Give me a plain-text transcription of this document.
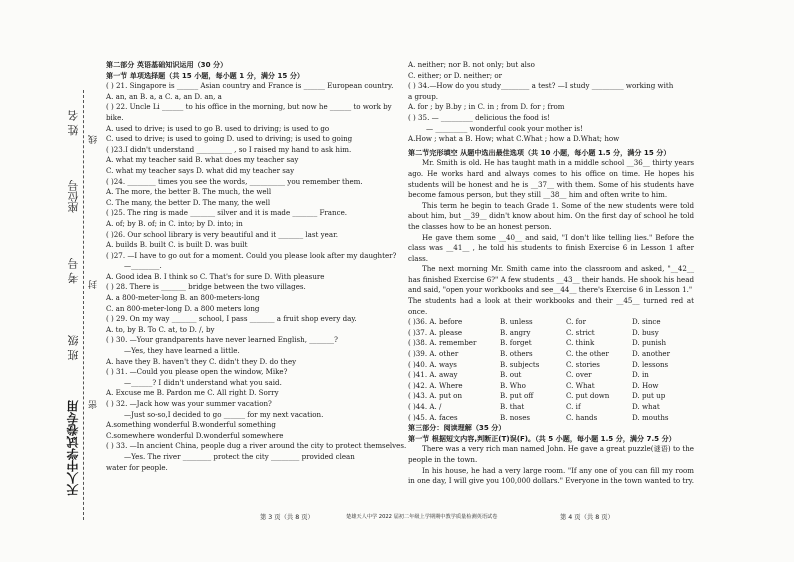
天人中学试卷专用
班 级
考 号
座位号
姓 名
密
封
线

第二部分 英语基础知识运用（30 分）

第一节 单项选择题（共 15 小题，每小题 1 分，满分 15 分）

( ) 21. Singapore is ______ Asian country and France is ______ European country.

A. an, an B. a, a C. a, an D. an, a

( ) 22. Uncle Li ______ to his office in the morning, but now he ______ to work by

bike.

A. used to drive; is used to go B. used to driving; is used to go

C. used to drive; is used to going D. used to driving; is used to going

( )23.I didn't understand __________ , so I raised my hand to ask him.

A. what my teacher said B. what does my teacher say

C. what my teacher says D. what did my teacher say

( )24. ________ times you see the words, __________ you remember them.

A. The more, the better B. The much, the well

C. The many, the better D. The many, the well

( )25. The ring is made _______ silver and it is made _______ France.

A. of; by B. of; in C. into; by D. into; in

( )26. Our school library is very beautiful and it _______ last year.

A. builds B. built C. is built D. was built

( )27. —I have to go out for a moment. Could you please look after my daughter?

—________.

A. Good idea B. I think so C. That's for sure D. With pleasure

( ) 28. There is _______ bridge between the two villages.

A. a 800-meter-long B. an 800-meters-long

C. an 800-meter-long D. a 800 meters long

( ) 29. On my way _______ school, I pass _______ a fruit shop every day.

A. to, by B. To C. at, to D. /, by

( ) 30. —Your grandparents have never learned English, _______?

—Yes, they have learned a little.

A. have they B. haven't they C. didn't they D. do they

( ) 31. —Could you please open the window, Mike?

—______? I didn't understand what you said.

A. Excuse me B. Pardon me C. All right D. Sorry

( ) 32. —Jack how was your summer vacation?

—Just so-so,I decided to go ______ for my next vacation.

A.something wonderful B.wonderful something

C.somewhere wonderful D.wonderful somewhere

( ) 33. —In ancient China, people dug a river around the city to protect themselves.

—Yes. The river ________ protect the city ________ provided clean

water for people.

A. neither; nor B. not only; but also

C. either; or D. neither; or

( ) 34.—How do you study________ a test? —I study _________ working with

a group.

A. for ; by B.by ; in C. in ; from D. for ; from

( ) 35. — _________ delicious the food is!

— _________ wonderful cook your mother is!

A.How ; what a B. How; what C.What ; how a D.What; how

第二节完形填空 从题中选出最佳选项（共 10 小题，每小题 1.5 分，满分 15 分）

Mr. Smith is old. He has taught math in a middle school __36__ thirty years ago. He works hard and always comes to his office on time. He hopes his students will be honest and he is __37__ with them. Some of his students have become famous person, but they still __38__ him and often write to him.

This term he begin to teach Grade 1. Some of the new students were told about him, but __39__ didn't know about him. On the first day of school he told the classes how to be an honest person.

He gave them some __40__ and said, "I don't like telling lies." Before the class was __41__ , he told his students to finish Exercise 6 in Lesson 1 after class.

The next morning Mr. Smith came into the classroom and asked, "__42__ has finished Exercise 6?" A few students __43__ their hands. He shook his head and said, "open your workbooks and see__44__ there's Exercise 6 in Lesson 1."

The students had a look at their workbooks and their __45__ turned red at once.

( )36. A. before	B. unless	C. for	D. since
( )37. A. please	B. angry	C. strict	D. busy
( )38. A. remember	B. forget	C. think	D. punish
( )39. A. other	B. others	C. the other	D. another
( )40. A. ways	B. subjects	C. stories	D. lessons
( )41. A. away	B. out	C. over	D. in
( )42. A. Where	B. Who	C. What	D. How
( )43. A. put on	B. put off	C. put down	D. put up
( )44. A. /	B. that	C. if	D. what
( )45. A. faces	B. noses	C. hands	D. mouths

第三部分：阅读理解（35 分）

第一节 根据短文内容,判断正(T)误(F)。（共 5 小题，每小题 1.5 分，满分 7.5 分）

There was a very rich man named John. He gave a great puzzle(谜语) to the people in the town.

In his house, he had a very large room. "If any one of you can fill my room in one day, I will give you 100,000 dollars." Everyone in the town wanted to try.

第 3 页（共 8 页）	楚雄天人中学 2022 届初二年级上学期期中教学质量检测英语试卷	第 4 页（共 8 页）
